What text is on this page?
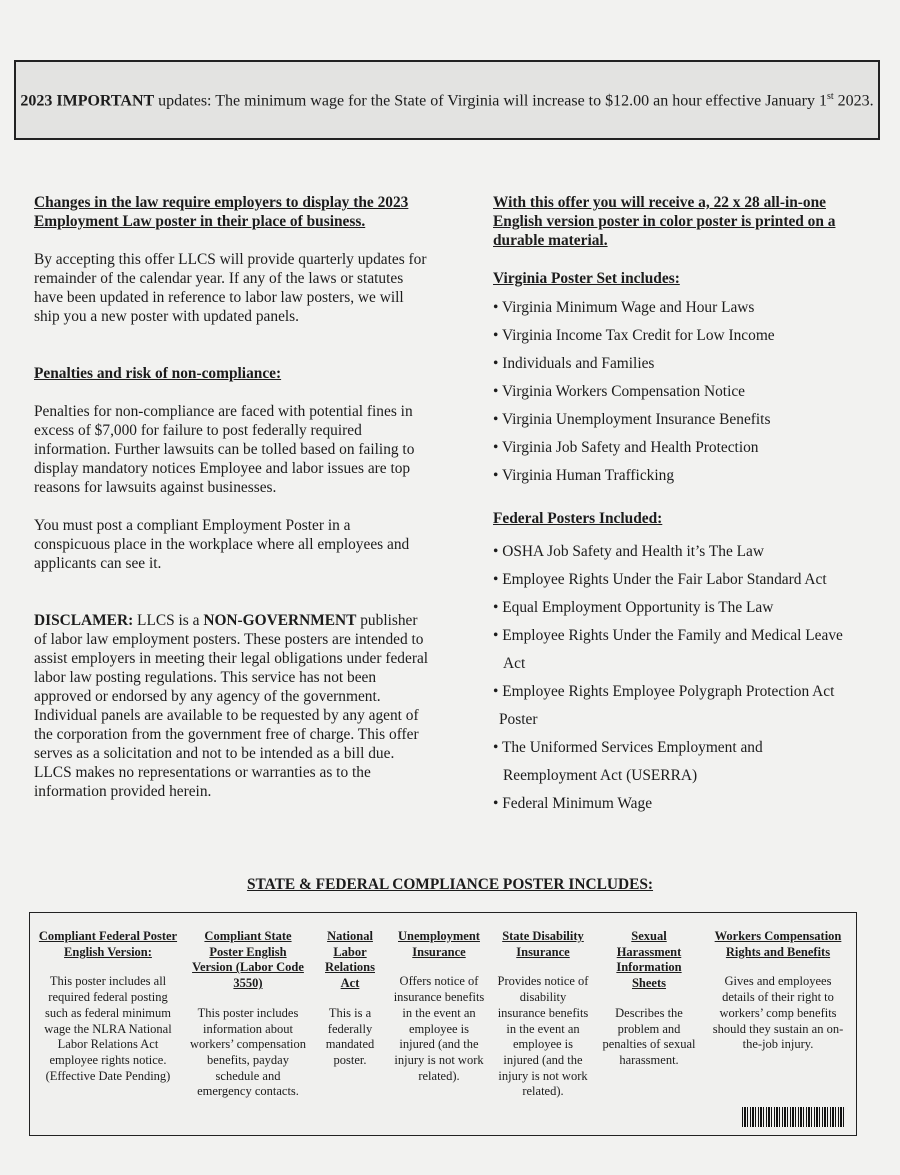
2023 IMPORTANT updates: The minimum wage for the State of Virginia will increase to $12.00 an hour effective January 1st 2023.
Changes in the law require employers to display the 2023 Employment Law poster in their place of business.

By accepting this offer LLCS will provide quarterly updates for remainder of the calendar year. If any of the laws or statutes have been updated in reference to labor law posters, we will ship you a new poster with updated panels.

Penalties and risk of non-compliance:

Penalties for non-compliance are faced with potential fines in excess of $7,000 for failure to post federally required information. Further lawsuits can be tolled based on failing to display mandatory notices Employee and labor issues are top reasons for lawsuits against businesses.

You must post a compliant Employment Poster in a conspicuous place in the workplace where all employees and applicants can see it.

DISCLAMER: LLCS is a NON-GOVERNMENT publisher of labor law employment posters. These posters are intended to assist employers in meeting their legal obligations under federal labor law posting regulations. This service has not been approved or endorsed by any agency of the government. Individual panels are available to be requested by any agent of the corporation from the government free of charge. This offer serves as a solicitation and not to be intended as a bill due. LLCS makes no representations or warranties as to the information provided herein.

With this offer you will receive a, 22 x 28 all-in-one English version poster in color poster is printed on a durable material.
Virginia Poster Set includes:
• Virginia Minimum Wage and Hour Laws
• Virginia Income Tax Credit for Low Income
• Individuals and Families
• Virginia Workers Compensation Notice
• Virginia Unemployment Insurance Benefits
• Virginia Job Safety and Health Protection
• Virginia Human Trafficking
Federal Posters Included:
• OSHA Job Safety and Health it’s The Law
• Employee Rights Under the Fair Labor Standard Act
• Equal Employment Opportunity is The Law
• Employee Rights Under the Family and Medical Leave
Act
• Employee Rights Employee Polygraph Protection Act
Poster
• The Uniformed Services Employment and
Reemployment Act (USERRA)
• Federal Minimum Wage
STATE & FEDERAL COMPLIANCE POSTER INCLUDES:
Compliant Federal Poster English Version:
This poster includes all required federal posting such as federal minimum wage the NLRA National Labor Relations Act employee rights notice. (Effective Date Pending)
Compliant State Poster English Version (Labor Code 3550)
This poster includes information about workers’ compensation benefits, payday schedule and emergency contacts.
National Labor Relations Act
This is a federally mandated poster.
Unemployment Insurance
Offers notice of insurance benefits in the event an employee is injured (and the injury is not work related).
State Disability Insurance
Provides notice of disability insurance benefits in the event an employee is injured (and the injury is not work related).
Sexual Harassment Information Sheets
Describes the problem and penalties of sexual harassment.
Workers Compensation Rights and Benefits
Gives and employees details of their right to workers’ comp benefits should they sustain an on-the-job injury.
